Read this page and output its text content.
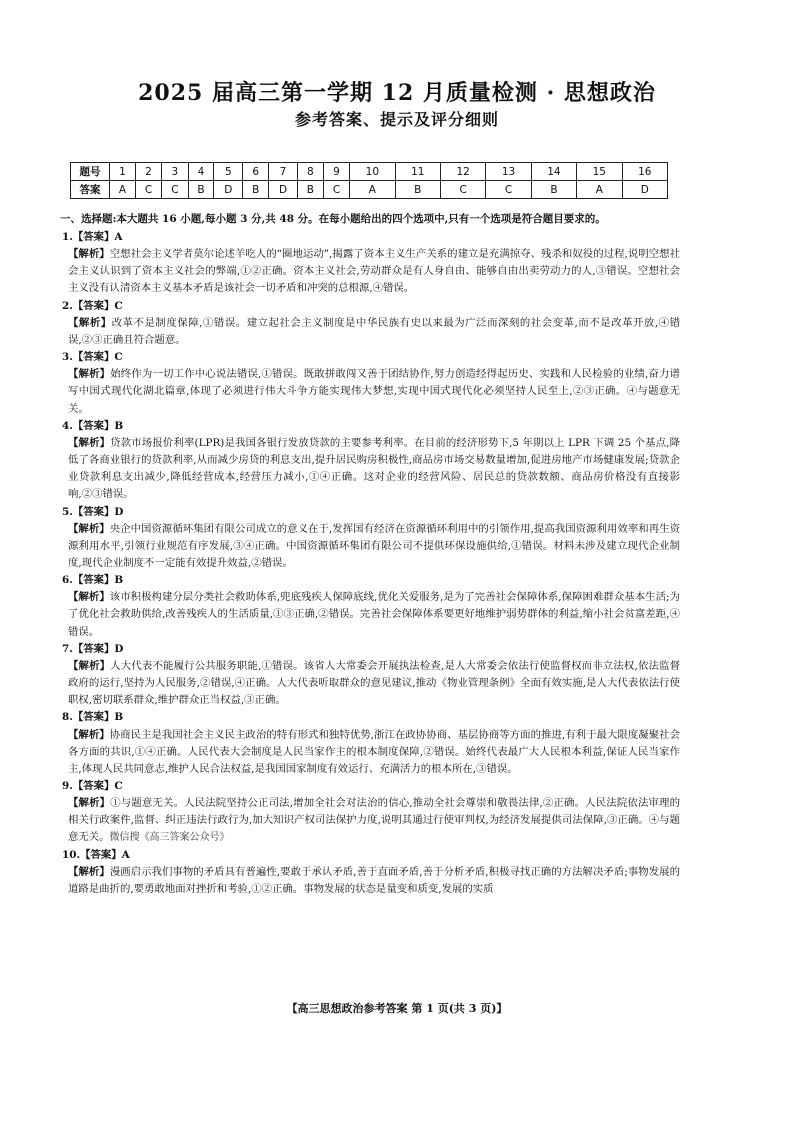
2025 届高三第一学期 12 月质量检测 · 思想政治
参考答案、提示及评分细则
题号	1	2	3	4	5	6	7	8	9	10	11	12	13	14	15	16
答案	A	C	C	B	D	B	D	B	C	A	B	C	C	B	A	D
一、选择题:本大题共 16 小题,每小题 3 分,共 48 分。在每小题给出的四个选项中,只有一个选项是符合题目要求的。
1.【答案】A
【解析】空想社会主义学者莫尔论述羊吃人的“圈地运动”,揭露了资本主义生产关系的建立是充满掠夺、残杀和奴役的过程,说明空想社会主义认识到了资本主义社会的弊端,①②正确。资本主义社会,劳动群众是有人身自由、能够自由出卖劳动力的人,③错误。空想社会主义没有认清资本主义基本矛盾是该社会一切矛盾和冲突的总根源,④错误。
2.【答案】C
【解析】改革不是制度保障,①错误。建立起社会主义制度是中华民族有史以来最为广泛而深刻的社会变革,而不是改革开放,④错误,②③正确且符合题意。
3.【答案】C
【解析】始终作为一切工作中心说法错误,①错误。既敢拼敢闯又善于团结协作,努力创造经得起历史、实践和人民检验的业绩,奋力谱写中国式现代化湖北篇章,体现了必须进行伟大斗争方能实现伟大梦想,实现中国式现代化必须坚持人民至上,②③正确。④与题意无关。
4.【答案】B
【解析】贷款市场报价利率(LPR)是我国各银行发放贷款的主要参考利率。在目前的经济形势下,5 年期以上 LPR 下调 25 个基点,降低了各商业银行的贷款利率,从而减少房贷的利息支出,提升居民购房积极性,商品房市场交易数量增加,促进房地产市场健康发展;贷款企业贷款利息支出减少,降低经营成本,经营压力减小,①④正确。这对企业的经营风险、居民总的贷款数额、商品房价格没有直接影响,②③错误。
5.【答案】D
【解析】央企中国资源循环集团有限公司成立的意义在于,发挥国有经济在资源循环利用中的引领作用,提高我国资源利用效率和再生资源利用水平,引领行业规范有序发展,③④正确。中国资源循环集团有限公司不提供环保设施供给,①错误。材料未涉及建立现代企业制度,现代企业制度不一定能有效提升效益,②错误。
6.【答案】B
【解析】该市积极构建分层分类社会救助体系,兜底残疾人保障底线,优化关爱服务,是为了完善社会保障体系,保障困难群众基本生活;为了优化社会救助供给,改善残疾人的生活质量,①③正确,②错误。完善社会保障体系要更好地维护弱势群体的利益,缩小社会贫富差距,④错误。
7.【答案】D
【解析】人大代表不能履行公共服务职能,①错误。该省人大常委会开展执法检查,是人大常委会依法行使监督权而非立法权,依法监督政府的运行,坚持为人民服务,②错误,④正确。人大代表听取群众的意见建议,推动《物业管理条例》全面有效实施,是人大代表依法行使职权,密切联系群众,维护群众正当权益,③正确。
8.【答案】B
【解析】协商民主是我国社会主义民主政治的特有形式和独特优势,浙江在政协协商、基层协商等方面的推进,有利于最大限度凝聚社会各方面的共识,①④正确。人民代表大会制度是人民当家作主的根本制度保障,②错误。始终代表最广大人民根本利益,保证人民当家作主,体现人民共同意志,维护人民合法权益,是我国国家制度有效运行、充满活力的根本所在,③错误。
9.【答案】C
【解析】①与题意无关。人民法院坚持公正司法,增加全社会对法治的信心,推动全社会尊崇和敬畏法律,②正确。人民法院依法审理的相关行政案件,监督、纠正违法行政行为,加大知识产权司法保护力度,说明其通过行使审判权,为经济发展提供司法保障,③正确。④与题意无关。微信搜《高三答案公众号》
10.【答案】A
【解析】漫画启示我们事物的矛盾具有普遍性,要敢于承认矛盾,善于直面矛盾,善于分析矛盾,积极寻找正确的方法解决矛盾;事物发展的道路是曲折的,要勇敢地面对挫折和考验,①②正确。事物发展的状态是量变和质变,发展的实质
【高三思想政治参考答案 第 1 页(共 3 页)】
